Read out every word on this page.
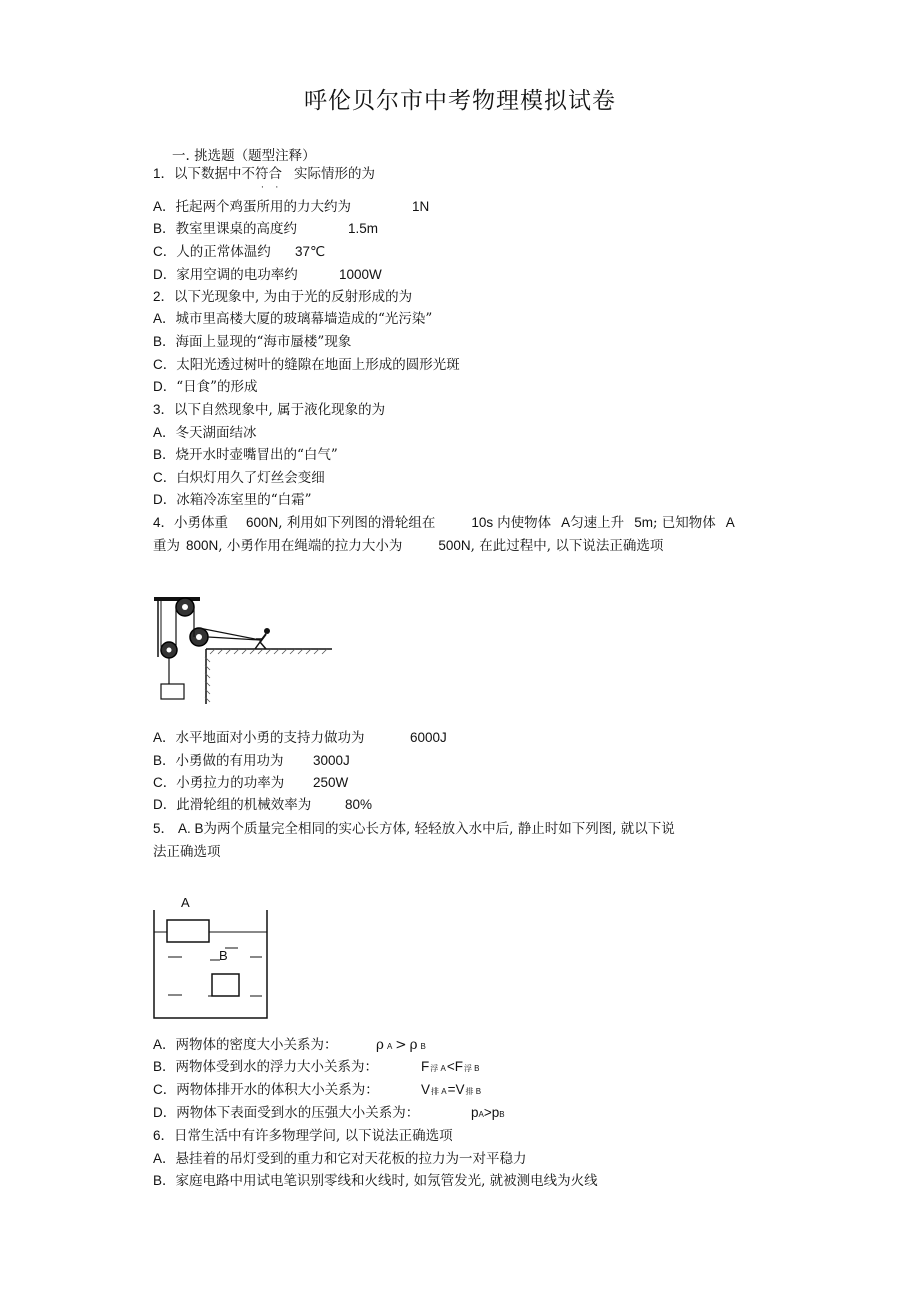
呼伦贝尔市中考物理模拟试卷
一. 挑选题（题型注释）
1．以下数据中不符合
·    ·
实际情形的为
A．托起两个鸡蛋所用的力大约为	1N
B．教室里课桌的高度约	1.5m
C．人的正常体温约 37℃
D．家用空调的电功率约	1000W
2．以下光现象中, 为由于光的反射形成的为
A．城市里高楼大厦的玻璃幕墙造成的“光污染”
B．海面上显现的“海市蜃楼”现象
C．太阳光透过树叶的缝隙在地面上形成的圆形光斑
D．“日食”的形成
3．以下自然现象中, 属于液化现象的为
A．冬天湖面结冰
B．烧开水时壶嘴冒出的“白气”
C．白炽灯用久了灯丝会变细
D．冰箱冷冻室里的“白霜”
4．小勇体重 600N, 利用如下列图的滑轮组在	10s 内使物体 A匀速上升 5m; 已知物体 A
重为 800N, 小勇作用在绳端的拉力大小为	500N, 在此过程中, 以下说法正确选项
A．水平地面对小勇的支持力做功为	6000J
B．小勇做的有用功为 3000J
C．小勇拉力的功率为 250W
D．此滑轮组的机械效率为	80%
5． A. B为两个质量完全相同的实心长方体, 轻轻放入水中后, 静止时如下列图, 就以下说
法正确选项
A
B
A．两物体的密度大小关系为：	ρ A > ρ B
B．两物体受到水的浮力大小关系为：	F浮 A<F浮 B
C．两物体排开水的体积大小关系为：	V排 A=V排 B
D．两物体下表面受到水的压强大小关系为：	pA>pB
6．日常生活中有许多物理学问, 以下说法正确选项
A．悬挂着的吊灯受到的重力和它对天花板的拉力为一对平稳力
B．家庭电路中用试电笔识别零线和火线时, 如氖管发光, 就被测电线为火线
